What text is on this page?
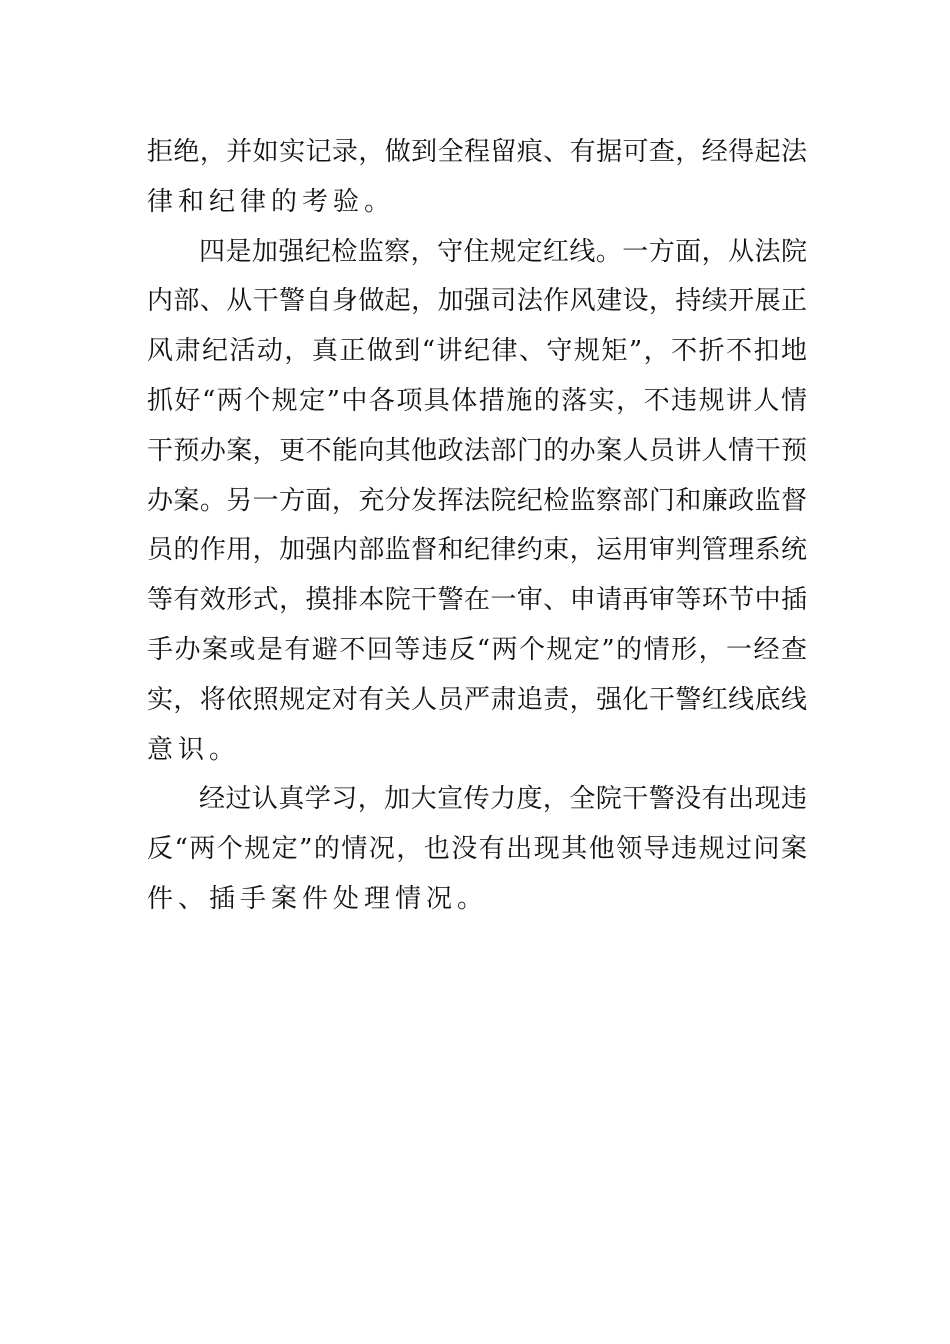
拒绝，并如实记录，做到全程留痕、有据可查，经得起法
律和纪律的考验。
四是加强纪检监察，守住规定红线。一方面，从法院
内部、从干警自身做起，加强司法作风建设，持续开展正
风肃纪活动，真正做到“讲纪律、守规矩”，不折不扣地
抓好“两个规定”中各项具体措施的落实，不违规讲人情
干预办案，更不能向其他政法部门的办案人员讲人情干预
办案。另一方面，充分发挥法院纪检监察部门和廉政监督
员的作用，加强内部监督和纪律约束，运用审判管理系统
等有效形式，摸排本院干警在一审、申请再审等环节中插
手办案或是有避不回等违反“两个规定”的情形，一经查
实，将依照规定对有关人员严肃追责，强化干警红线底线
意识。
经过认真学习，加大宣传力度，全院干警没有出现违
反“两个规定”的情况，也没有出现其他领导违规过问案
件、插手案件处理情况。
